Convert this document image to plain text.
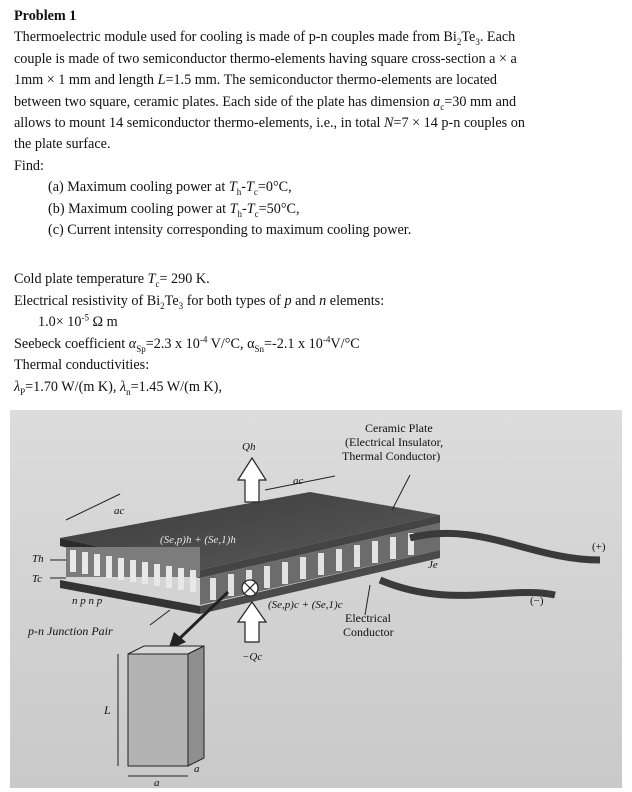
Problem 1
Thermoelectric module used for cooling is made of p-n couples made from $Bi_2Te_3$. Each
couple is made of two semiconductor thermo-elements having square cross-section a × a
1mm × 1 mm and length L=1.5 mm. The semiconductor thermo-elements are located
between two square, ceramic plates. Each side of the plate has dimension $a_c=30$ mm and
allows to mount 14 semiconductor thermo-elements, i.e., in total N=7 × 14 p-n couples on
the plate surface.
Find:
(a) Maximum cooling power at $T_h-T_c=0^\circ C$,
(b) Maximum cooling power at $T_h-T_c=50^\circ C$,
(c) Current intensity corresponding to maximum cooling power.
Cold plate temperature $T_c= 290$ K.
Electrical resistivity of $Bi_2Te_3$ for both types of p and n elements:
$1.0\times 10^{-5}$ Ω m
Seebeck coefficient $\alpha_{Sp}=2.3$ x $10^{-4}$ V/°C, $\alpha_{Sn}=-2.1$ x $10^{-4}V/^\circ C$
Thermal conductivities:
$\lambda_P=1.70$ W/(m K), $\lambda_n=1.45$ W/(m K),
Ceramic Plate
(Electrical Insulator,
Thermal Conductor)
Qh
ac
ac
(Se,p)h + (Se,1)h
Th
Tc
n p n p
p-n Junction Pair
(Se,p)c + (Se,1)c
Je
(+)
(−)
Electrical
Conductor
−Qc
L
a
a
